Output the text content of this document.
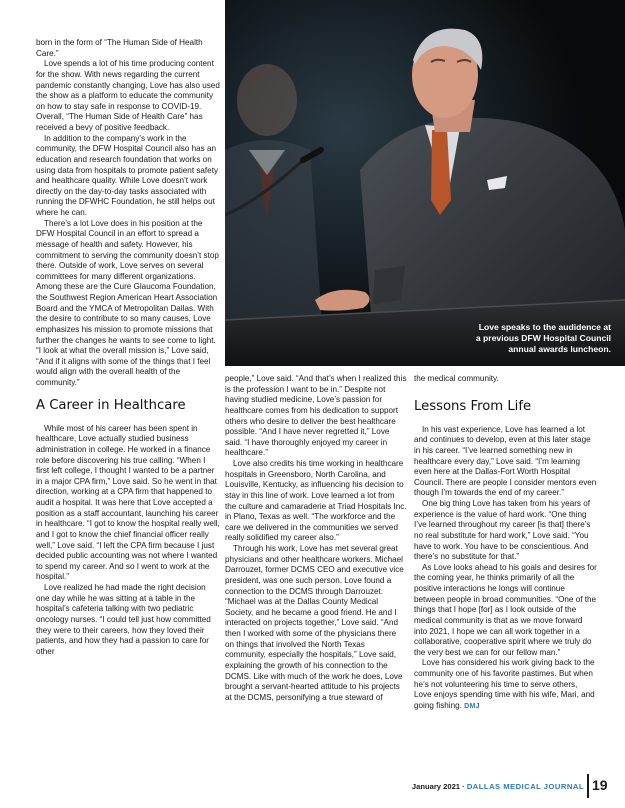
born in the form of “The Human Side of Health Care.”

Love spends a lot of his time producing content for the show. With news regarding the current pandemic constantly changing, Love has also used the show as a platform to educate the community on how to stay safe in response to COVID-19. Overall, “The Human Side of Health Care” has received a bevy of positive feedback.

In addition to the company’s work in the community, the DFW Hospital Council also has an education and research foundation that works on using data from hospitals to promote patient safety and healthcare quality. While Love doesn’t work directly on the day-to-day tasks associated with running the DFWHC Foundation, he still helps out where he can.

There’s a lot Love does in his position at the DFW Hospital Council in an effort to spread a message of health and safety. However, his commitment to serving the community doesn’t stop there. Outside of work, Love serves on several committees for many different organizations. Among these are the Cure Glaucoma Foundation, the Southwest Region American Heart Association Board and the YMCA of Metropolitan Dallas. With the desire to contribute to so many causes, Love emphasizes his mission to promote missions that further the changes he wants to see come to light. “I look at what the overall mission is,” Love said, “And if it aligns with some of the things that I feel would align with the overall health of the community.”

A Career in Healthcare

While most of his career has been spent in healthcare, Love actually studied business administration in college. He worked in a finance role before discovering his true calling. “When I first left college, I thought I wanted to be a partner in a major CPA firm,” Love said. So he went in that direction, working at a CPA firm that happened to audit a hospital. It was here that Love accepted a position as a staff accountant, launching his career in healthcare. “I got to know the hospital really well, and I got to know the chief financial officer really well,” Love said. “I left the CPA firm because I just decided public accounting was not where I wanted to spend my career. And so I went to work at the hospital.”

Love realized he had made the right decision one day while he was sitting at a table in the hospital’s cafeteria talking with two pediatric oncology nurses. “I could tell just how committed they were to their careers, how they loved their patients, and how they had a passion to care for other

Love speaks to the audidence at
a previous DFW Hospital Council
annual awards luncheon.

people,” Love said. “And that’s when I realized this is the profession I want to be in.” Despite not having studied medicine, Love’s passion for healthcare comes from his dedication to support others who desire to deliver the best healthcare possible. “And I have never regretted it,” Love said. “I have thoroughly enjoyed my career in healthcare.”

Love also credits his time working in healthcare hospitals in Greensboro, North Carolina, and Louisville, Kentucky, as influencing his decision to stay in this line of work. Love learned a lot from the culture and camaraderie at Triad Hospitals Inc. in Plano, Texas as well. “The workforce and the care we delivered in the communities we served really solidified my career also.”

Through his work, Love has met several great physicians and other healthcare workers. Michael Darrouzet, former DCMS CEO and executive vice president, was one such person. Love found a connection to the DCMS through Darrouzet. “Michael was at the Dallas County Medical Society, and he became a good friend. He and I interacted on projects together,” Love said. “And then I worked with some of the physicians there on things that involved the North Texas community, especially the hospitals,” Love said, explaining the growth of his connection to the DCMS. Like with much of the work he does, Love brought a servant-hearted attitude to his projects at the DCMS, personifying a true steward of

the medical community.

Lessons From Life

In his vast experience, Love has learned a lot and continues to develop, even at this later stage in his career. “I’ve learned something new in healthcare every day,” Love said. “I’m learning even here at the Dallas-Fort Worth Hospital Council. There are people I consider mentors even though I’m towards the end of my career.”

One big thing Love has taken from his years of experience is the value of hard work. “One thing I’ve learned throughout my career [is that] there’s no real substitute for hard work,” Love said. “You have to work. You have to be conscientious. And there’s no substitute for that.”

As Love looks ahead to his goals and desires for the coming year, he thinks primarily of all the positive interactions he longs will continue between people in broad communities. “One of the things that I hope [for] as I look outside of the medical community is that as we move forward into 2021, I hope we can all work together in a collaborative, cooperative spirit where we truly do the very best we can for our fellow man.”

Love has considered his work giving back to the community one of his favorite pastimes. But when he’s not volunteering his time to serve others, Love enjoys spending time with his wife, Mari, and going fishing. DMJ

January 2021 · DALLAS MEDICAL JOURNAL 19
